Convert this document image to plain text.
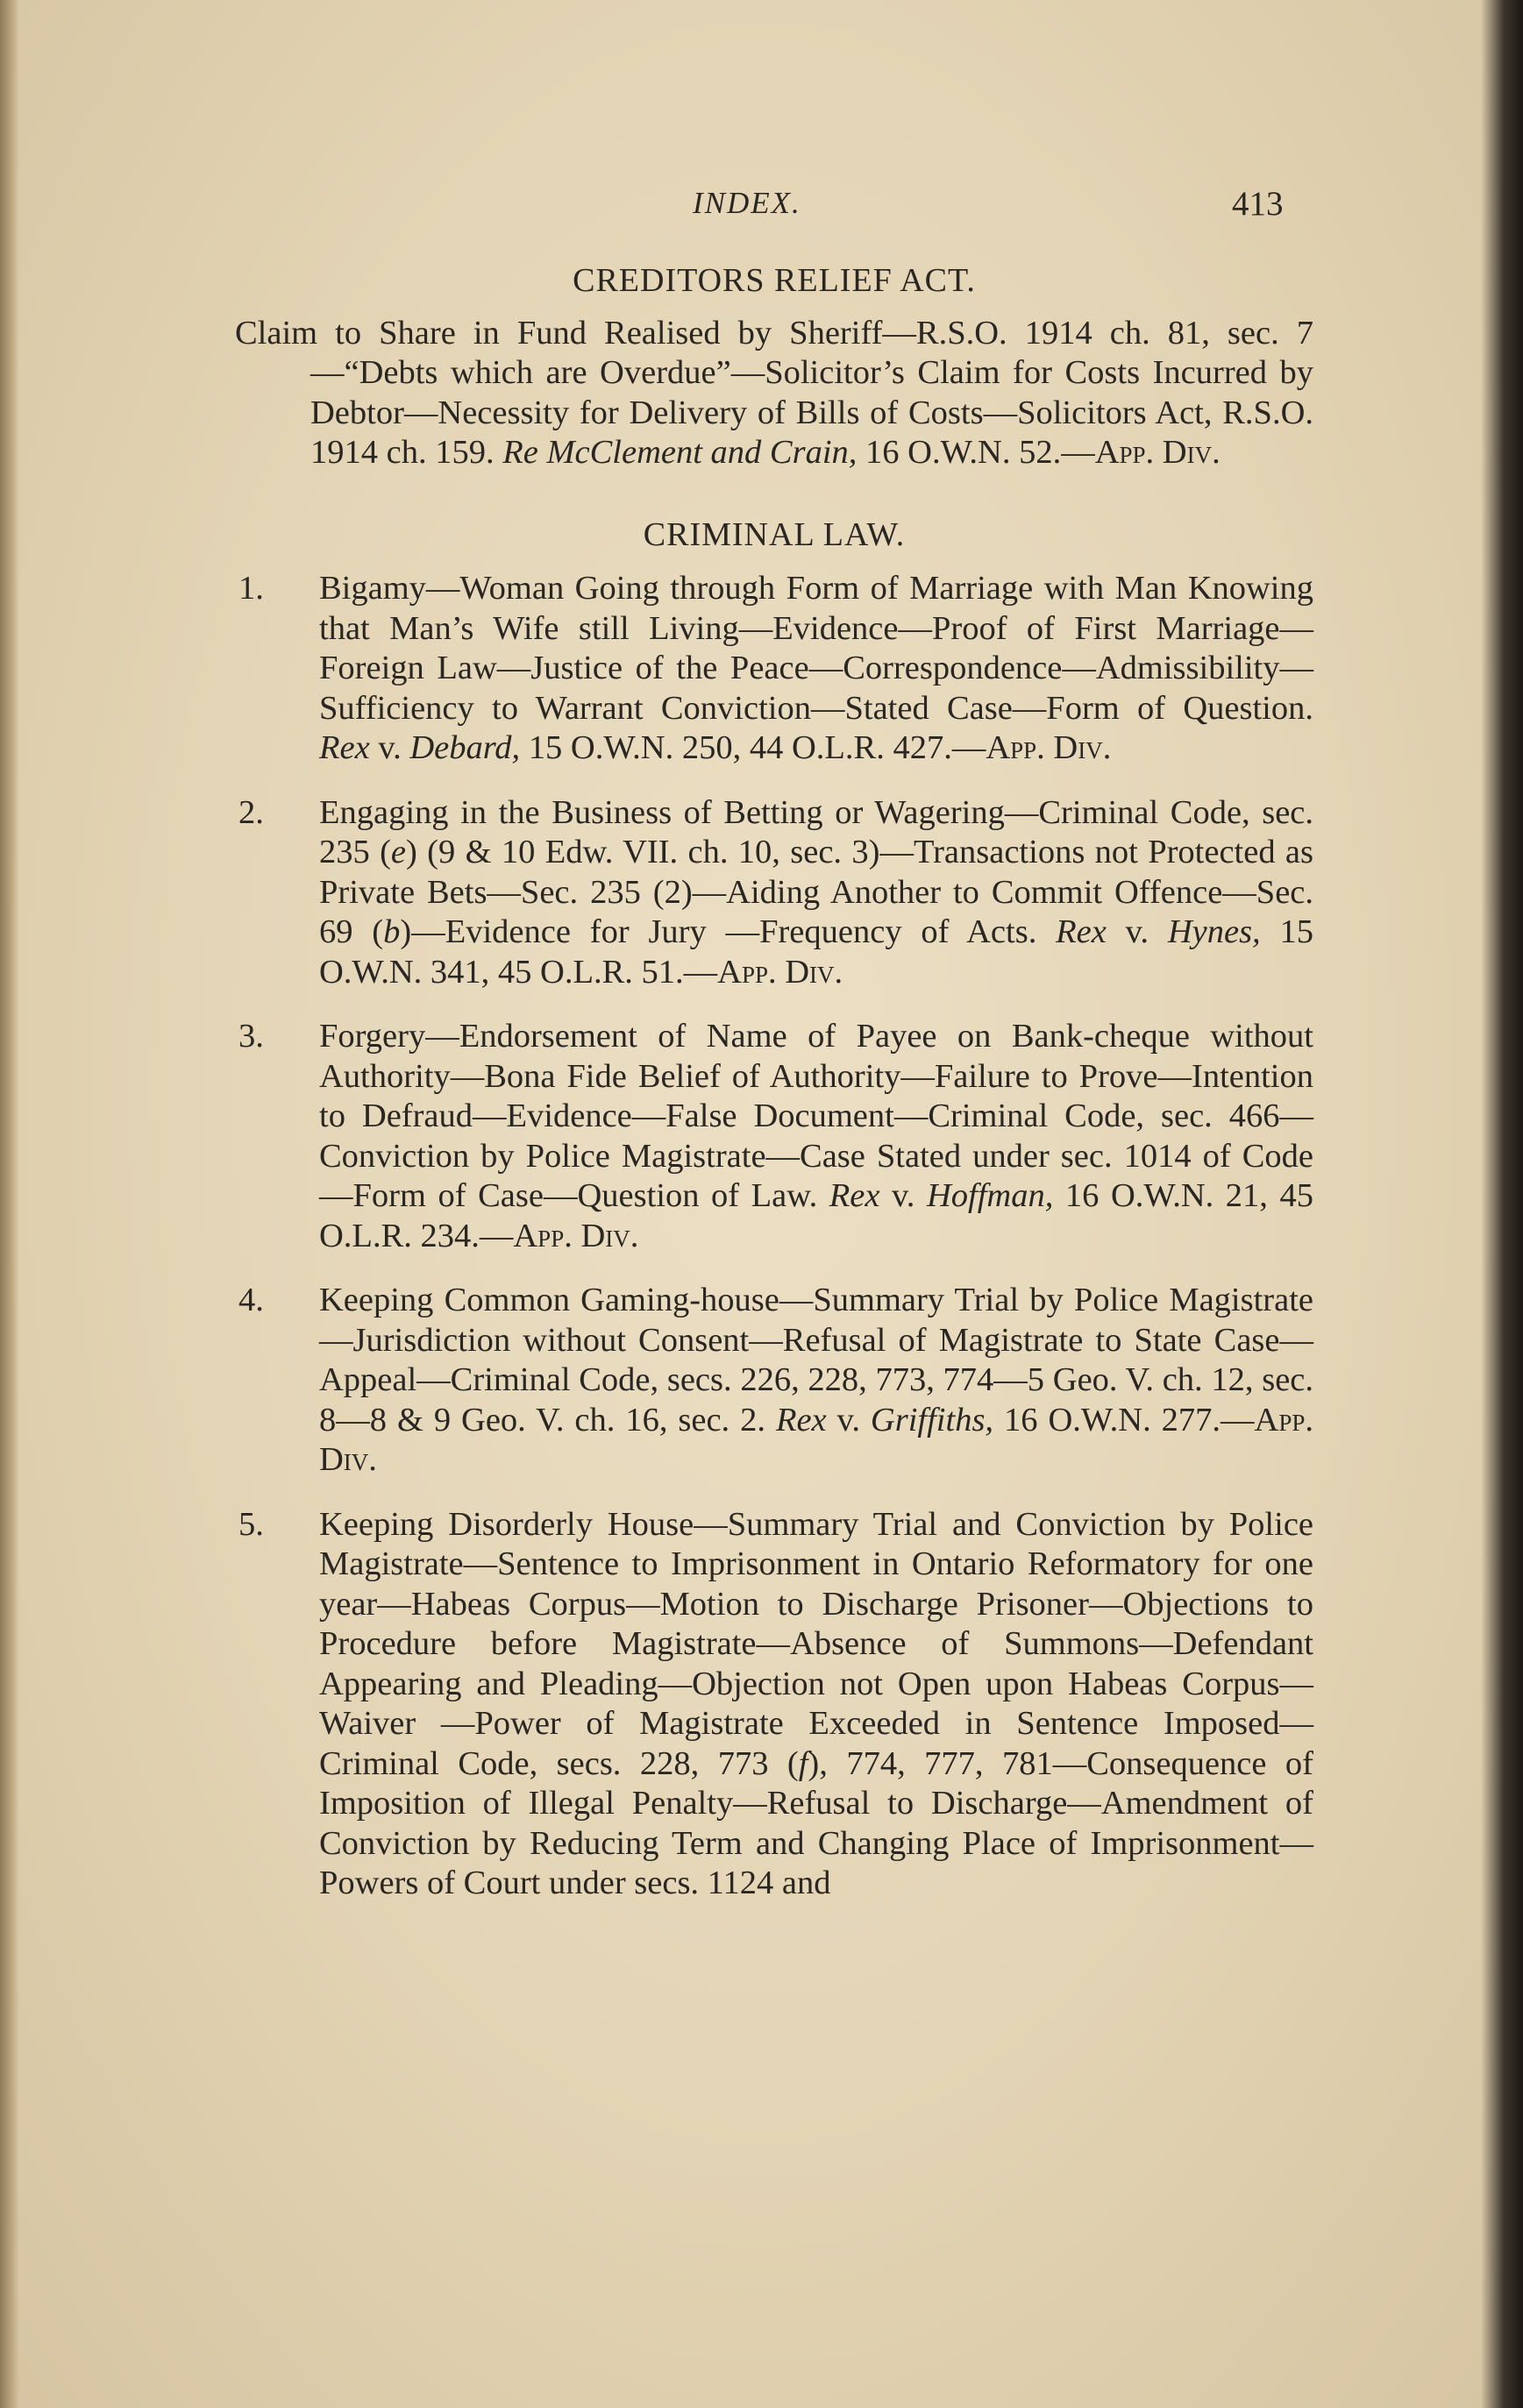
INDEX.	413
CREDITORS RELIEF ACT.

Claim to Share in Fund Realised by Sheriff—R.S.O. 1914 ch. 81, sec. 7—“Debts which are Overdue”—Solicitor’s Claim for Costs Incurred by Debtor—Necessity for Delivery of Bills of Costs—Solicitors Act, R.S.O. 1914 ch. 159. Re McClement and Crain, 16 O.W.N. 52.—App. Div.

CRIMINAL LAW.

1. Bigamy—Woman Going through Form of Marriage with Man Knowing that Man’s Wife still Living—Evidence—Proof of First Marriage—Foreign Law—Justice of the Peace—Correspondence—Admissibility—Sufficiency to Warrant Conviction—Stated Case—Form of Question. Rex v. Debard, 15 O.W.N. 250, 44 O.L.R. 427.—App. Div.

2. Engaging in the Business of Betting or Wagering—Criminal Code, sec. 235 (e) (9 & 10 Edw. VII. ch. 10, sec. 3)—Transactions not Protected as Private Bets—Sec. 235 (2)—Aiding Another to Commit Offence—Sec. 69 (b)—Evidence for Jury —Frequency of Acts. Rex v. Hynes, 15 O.W.N. 341, 45 O.L.R. 51.—App. Div.

3. Forgery—Endorsement of Name of Payee on Bank-cheque without Authority—Bona Fide Belief of Authority—Failure to Prove—Intention to Defraud—Evidence—False Document—Criminal Code, sec. 466—Conviction by Police Magistrate—Case Stated under sec. 1014 of Code—Form of Case—Question of Law. Rex v. Hoffman, 16 O.W.N. 21, 45 O.L.R. 234.—App. Div.

4. Keeping Common Gaming-house—Summary Trial by Police Magistrate—Jurisdiction without Consent—Refusal of Magistrate to State Case—Appeal—Criminal Code, secs. 226, 228, 773, 774—5 Geo. V. ch. 12, sec. 8—8 & 9 Geo. V. ch. 16, sec. 2. Rex v. Griffiths, 16 O.W.N. 277.—App. Div.

5. Keeping Disorderly House—Summary Trial and Conviction by Police Magistrate—Sentence to Imprisonment in Ontario Reformatory for one year—Habeas Corpus—Motion to Discharge Prisoner—Objections to Procedure before Magistrate—Absence of Summons—Defendant Appearing and Pleading—Objection not Open upon Habeas Corpus—Waiver —Power of Magistrate Exceeded in Sentence Imposed—Criminal Code, secs. 228, 773 (f), 774, 777, 781—Consequence of Imposition of Illegal Penalty—Refusal to Discharge—Amendment of Conviction by Reducing Term and Changing Place of Imprisonment—Powers of Court under secs. 1124 and
